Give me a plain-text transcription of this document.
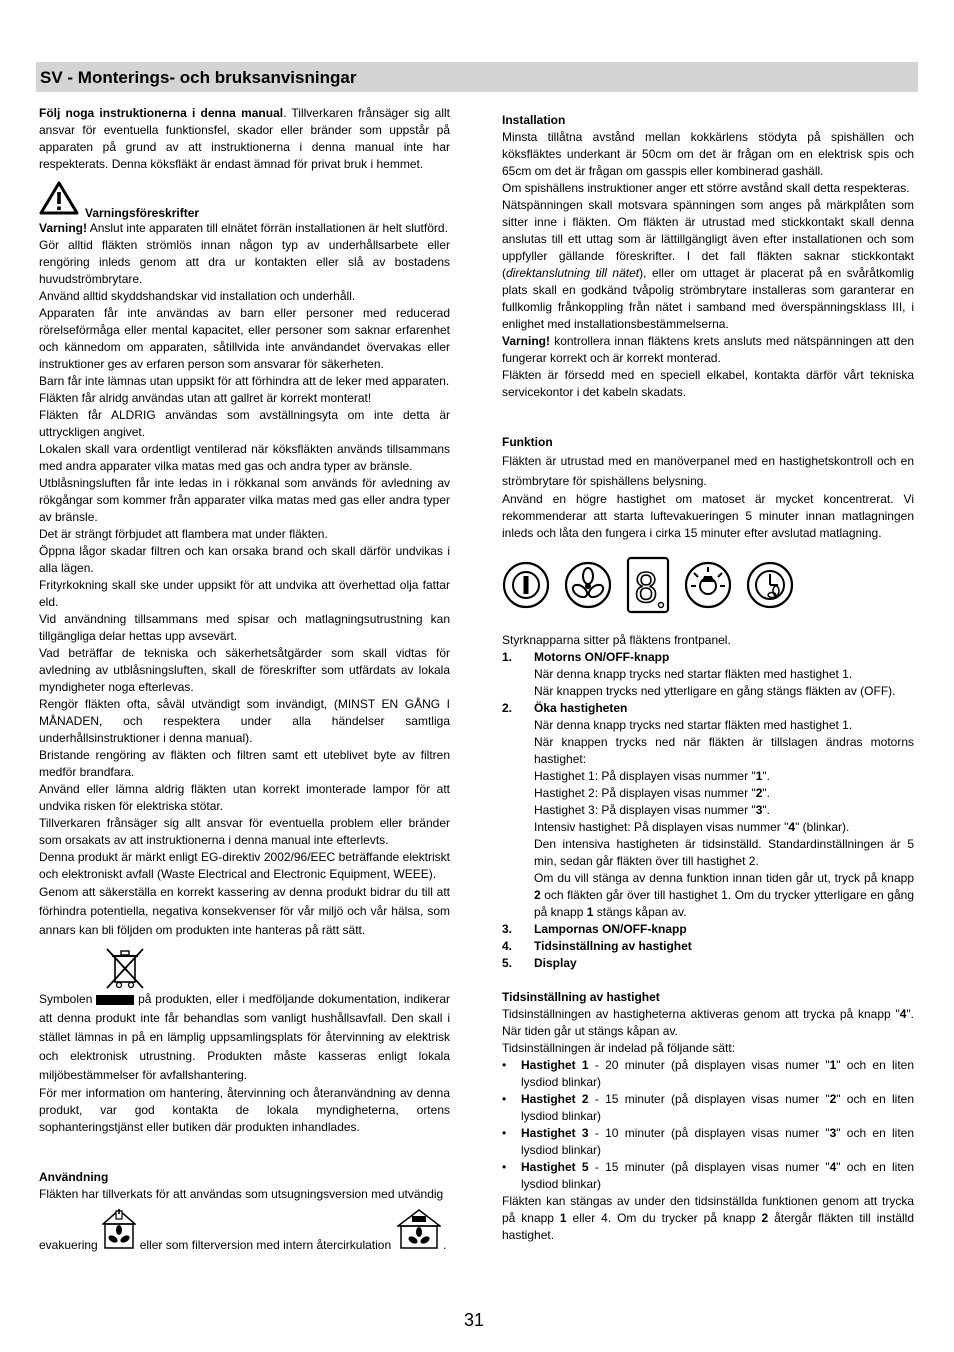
SV - Monterings- och bruksanvisningar

Följ noga instruktionerna i denna manual. Tillverkaren frånsäger sig allt ansvar för eventuella funktionsfel, skador eller bränder som uppstår på apparaten på grund av att instruktionerna i denna manual inte har respekterats. Denna köksfläkt är endast ämnad för privat bruk i hemmet.

Varningsföreskrifter

Varning! Anslut inte apparaten till elnätet förrän installationen är helt slutförd.

Gör alltid fläkten strömlös innan någon typ av underhållsarbete eller rengöring inleds genom att dra ur kontakten eller slå av bostadens huvudströmbrytare.

Använd alltid skyddshandskar vid installation och underhåll.

Apparaten får inte användas av barn eller personer med reducerad rörelseförmåga eller mental kapacitet, eller personer som saknar erfarenhet och kännedom om apparaten, såtillvida inte användandet övervakas eller instruktioner ges av erfaren person som ansvarar för säkerheten.

Barn får inte lämnas utan uppsikt för att förhindra att de leker med apparaten.

Fläkten får alridg användas utan att gallret är korrekt monterat!

Fläkten får ALDRIG användas som avställningsyta om inte detta är uttryckligen angivet.

Lokalen skall vara ordentligt ventilerad när köksfläkten används tillsammans med andra apparater vilka matas med gas och andra typer av bränsle.

Utblåsningsluften får inte ledas in i rökkanal som används för avledning av rökgångar som kommer från apparater vilka matas med gas eller andra typer av bränsle.

Det är strängt förbjudet att flambera mat under fläkten.

Öppna lågor skadar filtren och kan orsaka brand och skall därför undvikas i alla lägen.

Frityrkokning skall ske under uppsikt för att undvika att överhettad olja fattar eld.

Vid användning tillsammans med spisar och matlagningsutrustning kan tillgängliga delar hettas upp avsevärt.

Vad beträffar de tekniska och säkerhetsåtgärder som skall vidtas för avledning av utblåsningsluften, skall de föreskrifter som utfärdats av lokala myndigheter noga efterlevas.

Rengör fläkten ofta, såväl utvändigt som invändigt, (MINST EN GÅNG I MÅNADEN, och respektera under alla händelser samtliga underhållsinstruktioner i denna manual).

Bristande rengöring av fläkten och filtren samt ett uteblivet byte av filtren medför brandfara.

Använd eller lämna aldrig fläkten utan korrekt imonterade lampor för att undvika risken för elektriska stötar.

Tillverkaren frånsäger sig allt ansvar för eventuella problem eller bränder som orsakats av att instruktionerna i denna manual inte efterlevts.

Denna produkt är märkt enligt EG-direktiv 2002/96/EEC beträffande elektriskt och elektroniskt avfall (Waste Electrical and Electronic Equipment, WEEE).

Genom att säkerställa en korrekt kassering av denna produkt bidrar du till att förhindra potentiella, negativa konsekvenser för vår miljö och vår hälsa, som annars kan bli följden om produkten inte hanteras på rätt sätt.

Symbolen	på produkten, eller i medföljande dokumentation, indikerar att denna produkt inte får behandlas som vanligt hushållsavfall. Den skall i stället lämnas in på en lämplig uppsamlingsplats för återvinning av elektrisk och elektronisk utrustning. Produkten måste kasseras enligt lokala miljöbestämmelser för avfallshantering.

För mer information om hantering, återvinning och återanvändning av denna produkt, var god kontakta de lokala myndigheterna, ortens sophanteringstjänst eller butiken där produkten inhandlades.

Användning

Fläkten har tillverkats för att användas som utsugningsversion med utvändig

evakuering	eller som filterversion med intern återcirkulation	.

Installation

Minsta tillåtna avstånd mellan kokkärlens stödyta på spishällen och köksfläktes underkant är 50cm om det är frågan om en elektrisk spis och 65cm om det är frågan om gasspis eller kombinerad gashäll.

Om spishällens instruktioner anger ett större avstånd skall detta respekteras.

Nätspänningen skall motsvara spänningen som anges på märkplåten som sitter inne i fläkten. Om fläkten är utrustad med stickkontakt skall denna anslutas till ett uttag som är lättillgängligt även efter installationen och som uppfyller gällande föreskrifter. I det fall fläkten saknar stickkontakt (direktanslutning till nätet), eller om uttaget är placerat på en svåråtkomlig plats skall en godkänd tvåpolig strömbrytare installeras som garanterar en fullkomlig frånkoppling från nätet i samband med överspänningsklass III, i enlighet med installationsbestämmelserna.

Varning! kontrollera innan fläktens krets ansluts med nätspänningen att den fungerar korrekt och är korrekt monterad.

Fläkten är försedd med en speciell elkabel, kontakta därför vårt tekniska servicekontor i det kabeln skadats.

Funktion

Fläkten är utrustad med en manöverpanel med en hastighetskontroll och en strömbrytare för spishällens belysning.

Använd en högre hastighet om matoset är mycket koncentrerat. Vi rekommenderar att starta luftevakueringen 5 minuter innan matlagningen inleds och låta den fungera i cirka 15 minuter efter avslutad matlagning.

8

Styrknapparna sitter på fläktens frontpanel.

1.	Motorns ON/OFF-knapp

När denna knapp trycks ned startar fläkten med hastighet 1.

När knappen trycks ned ytterligare en gång stängs fläkten av (OFF).

2.	Öka hastigheten

När denna knapp trycks ned startar fläkten med hastighet 1.

När knappen trycks ned när fläkten är tillslagen ändras motorns hastighet:

Hastighet 1: På displayen visas nummer "1".

Hastighet 2: På displayen visas nummer "2".

Hastighet 3: På displayen visas nummer "3".

Intensiv hastighet: På displayen visas nummer "4" (blinkar).

Den intensiva hastigheten är tidsinställd. Standardinställningen är 5 min, sedan går fläkten över till hastighet 2.

Om du vill stänga av denna funktion innan tiden går ut, tryck på knapp 2 och fläkten går över till hastighet 1. Om du trycker ytterligare en gång på knapp 1 stängs kåpan av.

3.	Lampornas ON/OFF-knapp
4.	Tidsinställning av hastighet
5.	Display

Tidsinställning av hastighet

Tidsinställningen av hastigheterna aktiveras genom att trycka på knapp "4". När tiden går ut stängs kåpan av.

Tidsinställningen är indelad på följande sätt:

•	Hastighet 1 - 20 minuter (på displayen visas numer "1" och en liten lysdiod blinkar)
•	Hastighet 2 - 15 minuter (på displayen visas numer "2" och en liten lysdiod blinkar)
•	Hastighet 3 - 10 minuter (på displayen visas numer "3" och en liten lysdiod blinkar)
•	Hastighet 5 - 15 minuter (på displayen visas numer "4" och en liten lysdiod blinkar)

Fläkten kan stängas av under den tidsinställda funktionen genom att trycka på knapp 1 eller 4. Om du trycker på knapp 2 återgår fläkten till inställd hastighet.

31
